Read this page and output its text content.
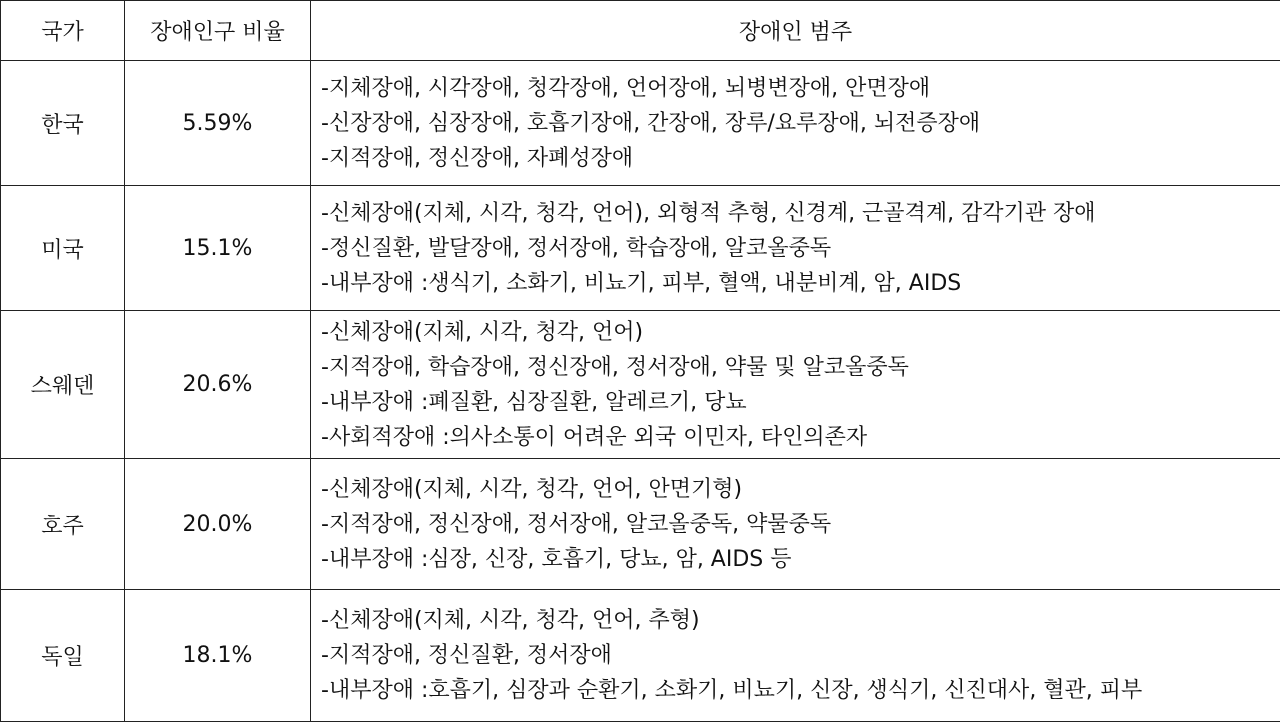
국가	장애인구 비율	장애인 범주
한국	5.59%	-지체장애, 시각장애, 청각장애, 언어장애, 뇌병변장애, 안면장애
-신장장애, 심장장애, 호흡기장애, 간장애, 장루/요루장애, 뇌전증장애
-지적장애, 정신장애, 자폐성장애

미국	15.1%	-신체장애(지체, 시각, 청각, 언어), 외형적 추형, 신경계, 근골격계, 감각기관 장애
-정신질환, 발달장애, 정서장애, 학습장애, 알코올중독
-내부장애 :생식기, 소화기, 비뇨기, 피부, 혈액, 내분비계, 암, AIDS

스웨덴	20.6%	-신체장애(지체, 시각, 청각, 언어)
-지적장애, 학습장애, 정신장애, 정서장애, 약물 및 알코올중독
-내부장애 :폐질환, 심장질환, 알레르기, 당뇨
-사회적장애 :의사소통이 어려운 외국 이민자, 타인의존자

호주	20.0%	-신체장애(지체, 시각, 청각, 언어, 안면기형)
-지적장애, 정신장애, 정서장애, 알코올중독, 약물중독
-내부장애 :심장, 신장, 호흡기, 당뇨, 암, AIDS 등

독일	18.1%	-신체장애(지체, 시각, 청각, 언어, 추형)
-지적장애, 정신질환, 정서장애
-내부장애 :호흡기, 심장과 순환기, 소화기, 비뇨기, 신장, 생식기, 신진대사, 혈관, 피부
